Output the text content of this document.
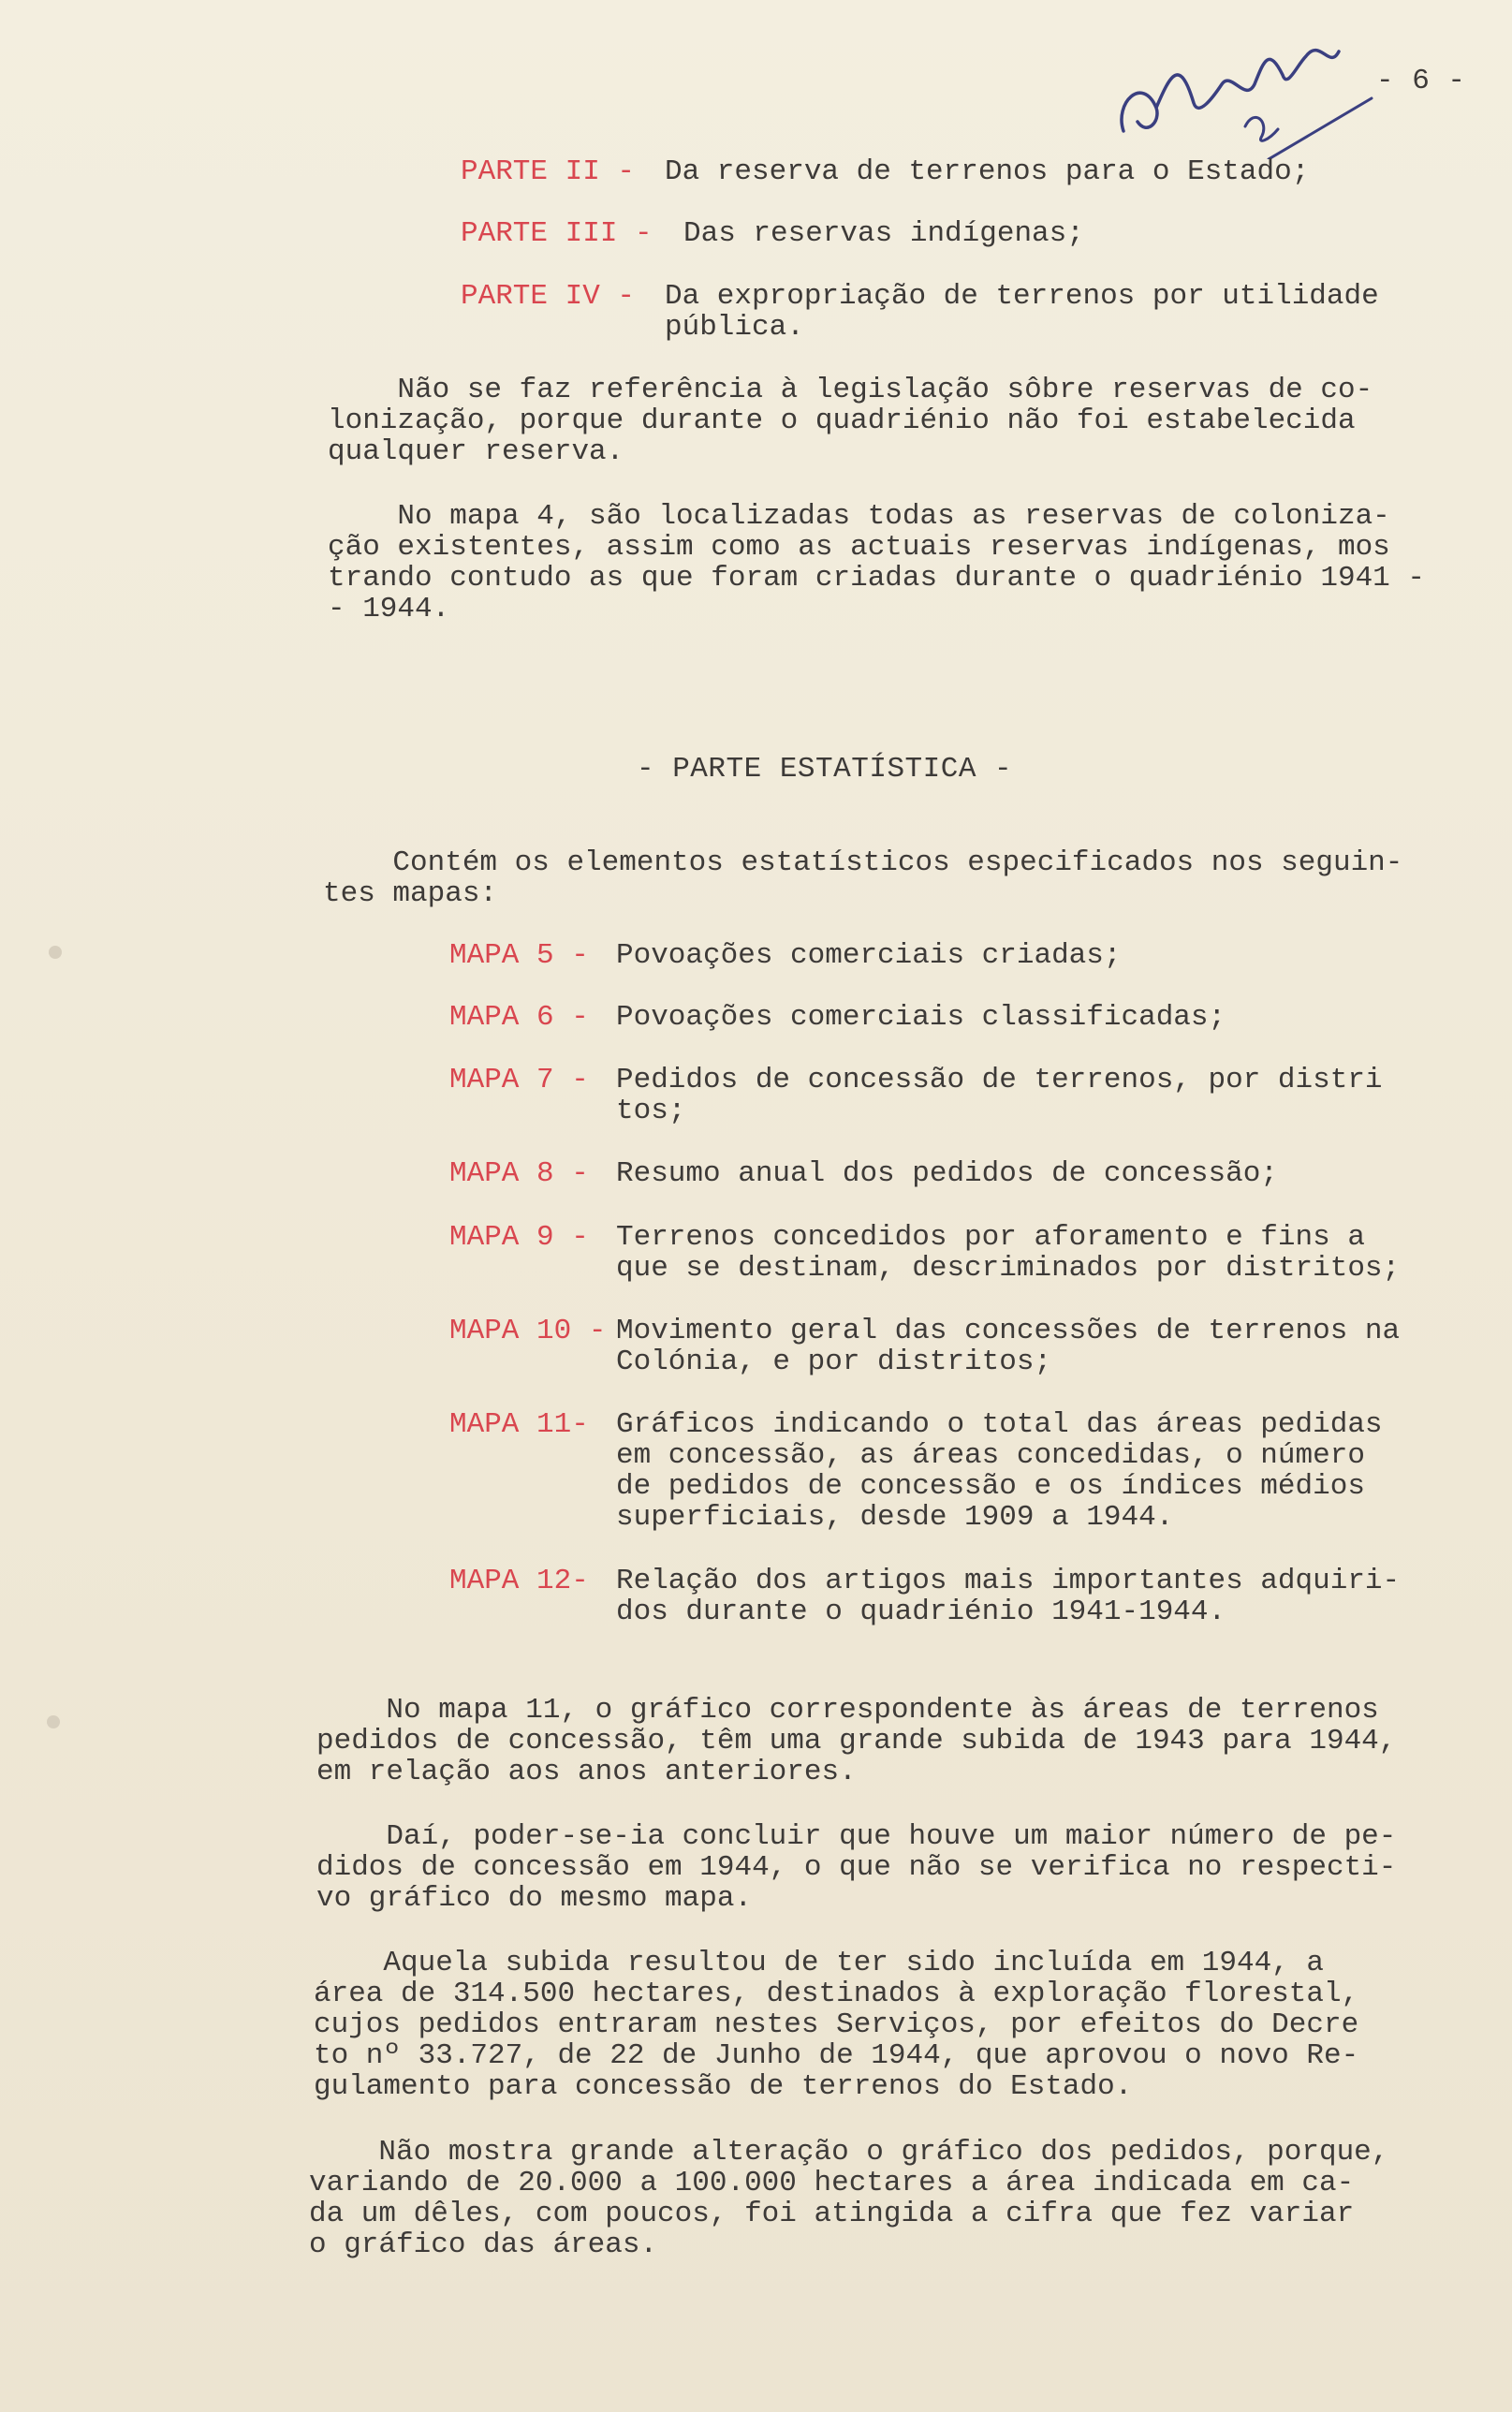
- 6 -
PARTE II - Da reserva de terrenos para o Estado;
PARTE III - Das reservas indígenas;
PARTE IV - Da expropriação de terrenos por utilidade
pública.
Não se faz referência à legislação sôbre reservas de co-
lonização, porque durante o quadriénio não foi estabelecida
qualquer reserva.
No mapa 4, são localizadas todas as reservas de coloniza-
ção existentes, assim como as actuais reservas indígenas, mos
trando contudo as que foram criadas durante o quadriénio 1941 -
- 1944.
- PARTE ESTATÍSTICA -
Contém os elementos estatísticos especificados nos seguin-
tes mapas:
MAPA 5 - Povoações comerciais criadas;
MAPA 6 - Povoações comerciais classificadas;
MAPA 7 - Pedidos de concessão de terrenos, por distri
tos;
MAPA 8 - Resumo anual dos pedidos de concessão;
MAPA 9 - Terrenos concedidos por aforamento e fins a
que se destinam, descriminados por distritos;
MAPA 10 - Movimento geral das concessões de terrenos na
Colónia, e por distritos;
MAPA 11- Gráficos indicando o total das áreas pedidas
em concessão, as áreas concedidas, o número
de pedidos de concessão e os índices médios
superficiais, desde 1909 a 1944.
MAPA 12- Relação dos artigos mais importantes adquiri-
dos durante o quadriénio 1941-1944.
No mapa 11, o gráfico correspondente às áreas de terrenos
pedidos de concessão, têm uma grande subida de 1943 para 1944,
em relação aos anos anteriores.
Daí, poder-se-ia concluir que houve um maior número de pe-
didos de concessão em 1944, o que não se verifica no respecti-
vo gráfico do mesmo mapa.
Aquela subida resultou de ter sido incluída em 1944, a
área de 314.500 hectares, destinados à exploração florestal,
cujos pedidos entraram nestes Serviços, por efeitos do Decre
to nº 33.727, de 22 de Junho de 1944, que aprovou o novo Re-
gulamento para concessão de terrenos do Estado.
Não mostra grande alteração o gráfico dos pedidos, porque,
variando de 20.000 a 100.000 hectares a área indicada em ca-
da um dêles, com poucos, foi atingida a cifra que fez variar
o gráfico das áreas.
